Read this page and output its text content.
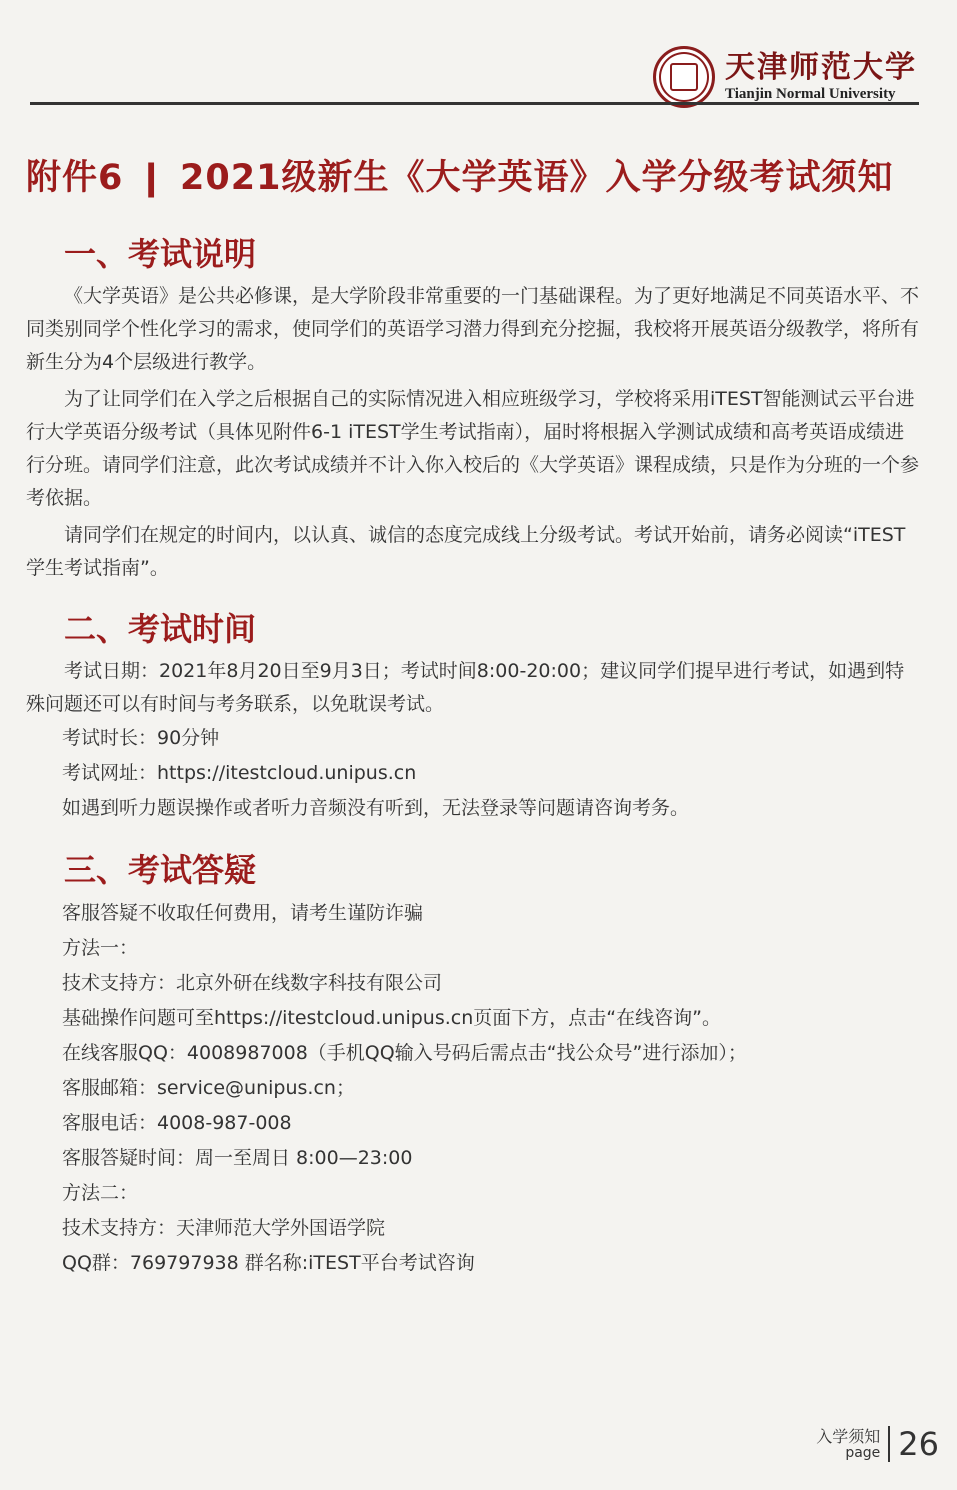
天津师范大学
Tianjin Normal University
附件6 ❙ 2021级新生《大学英语》入学分级考试须知
一、考试说明

《大学英语》是公共必修课，是大学阶段非常重要的一门基础课程。为了更好地满足不同英语水平、不同类别同学个性化学习的需求，使同学们的英语学习潜力得到充分挖掘，我校将开展英语分级教学，将所有新生分为4个层级进行教学。

为了让同学们在入学之后根据自己的实际情况进入相应班级学习，学校将采用iTEST智能测试云平台进行大学英语分级考试（具体见附件6-1 iTEST学生考试指南），届时将根据入学测试成绩和高考英语成绩进行分班。请同学们注意，此次考试成绩并不计入你入校后的《大学英语》课程成绩，只是作为分班的一个参考依据。

请同学们在规定的时间内，以认真、诚信的态度完成线上分级考试。考试开始前，请务必阅读“iTEST学生考试指南”。

二、考试时间

考试日期：2021年8月20日至9月3日；考试时间8:00-20:00；建议同学们提早进行考试，如遇到特殊问题还可以有时间与考务联系，以免耽误考试。

考试时长：90分钟

考试网址：https://itestcloud.unipus.cn

如遇到听力题误操作或者听力音频没有听到，无法登录等问题请咨询考务。

三、考试答疑

客服答疑不收取任何费用，请考生谨防诈骗

方法一：

技术支持方：北京外研在线数字科技有限公司

基础操作问题可至https://itestcloud.unipus.cn页面下方，点击“在线咨询”。

在线客服QQ：4008987008（手机QQ输入号码后需点击“找公众号”进行添加）；

客服邮箱：service@unipus.cn；

客服电话：4008-987-008

客服答疑时间：周一至周日 8:00—23:00

方法二：

技术支持方：天津师范大学外国语学院

QQ群：769797938 群名称:iTEST平台考试咨询

入学须知
page 26
